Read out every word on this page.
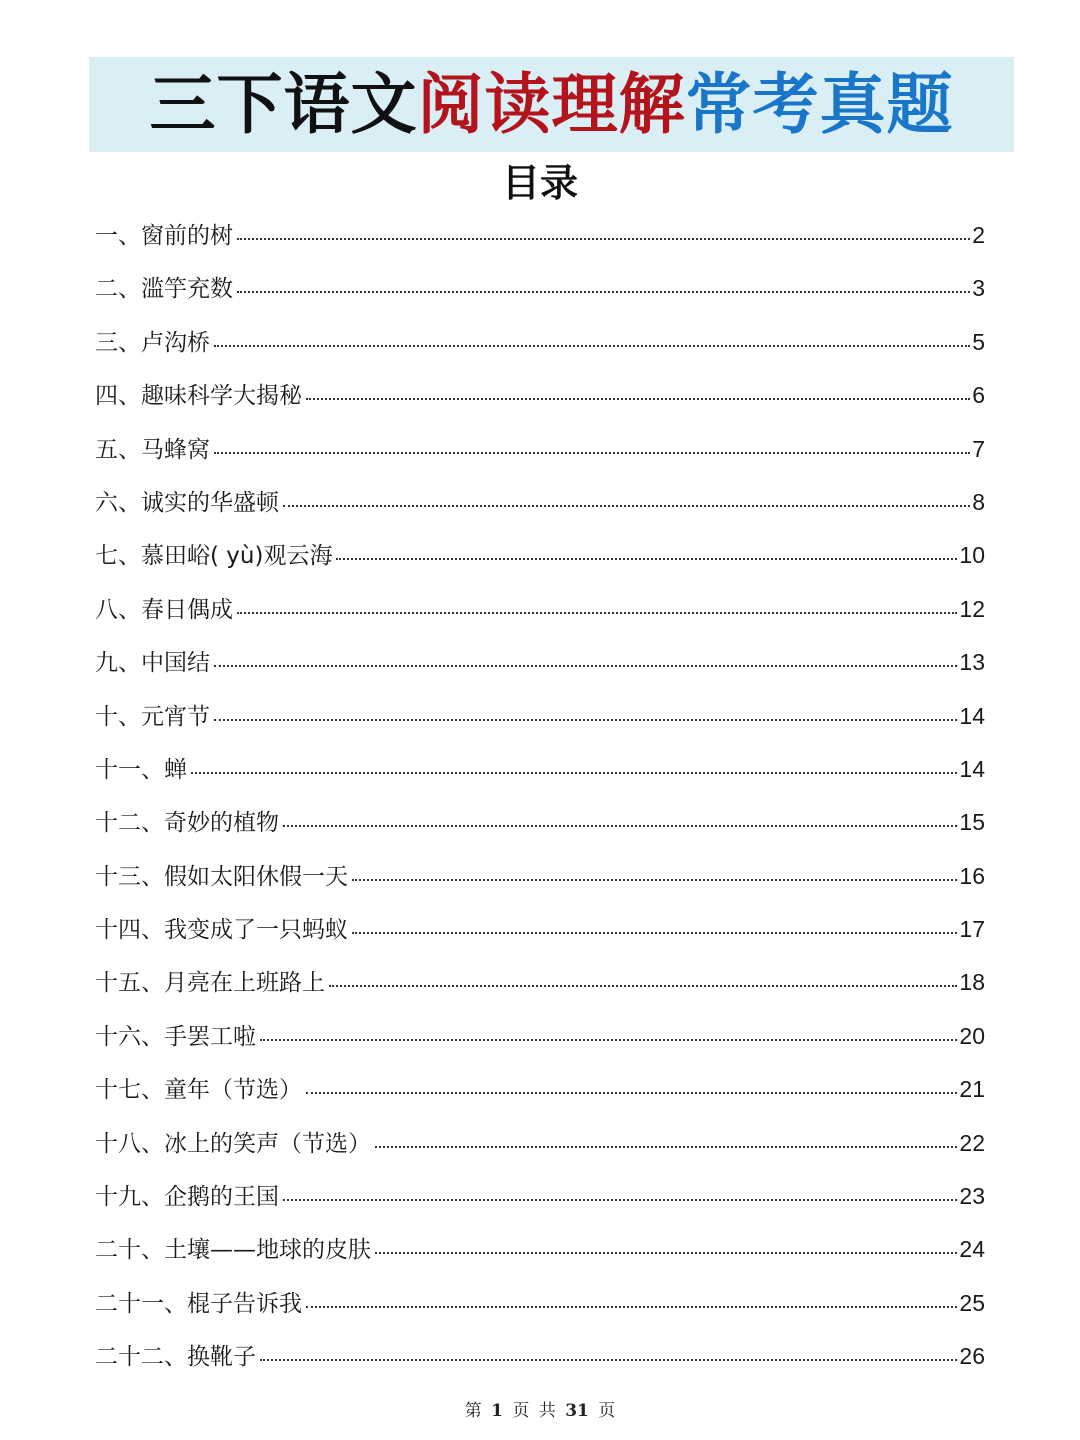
三下语文阅读理解常考真题
目录
一、窗前的树	2
二、滥竽充数	3
三、卢沟桥	5
四、趣味科学大揭秘	6
五、马蜂窝	7
六、诚实的华盛顿	8
七、慕田峪( yù)观云海	10
八、春日偶成	12
九、中国结	13
十、元宵节	14
十一、蝉	14
十二、奇妙的植物	15
十三、假如太阳休假一天	16
十四、我变成了一只蚂蚁	17
十五、月亮在上班路上	18
十六、手罢工啦	20
十七、童年（节选）	21
十八、冰上的笑声（节选）	22
十九、企鹅的王国	23
二十、土壤——地球的皮肤	24
二十一、棍子告诉我	25
二十二、换靴子	26
第 1 页 共 31 页
